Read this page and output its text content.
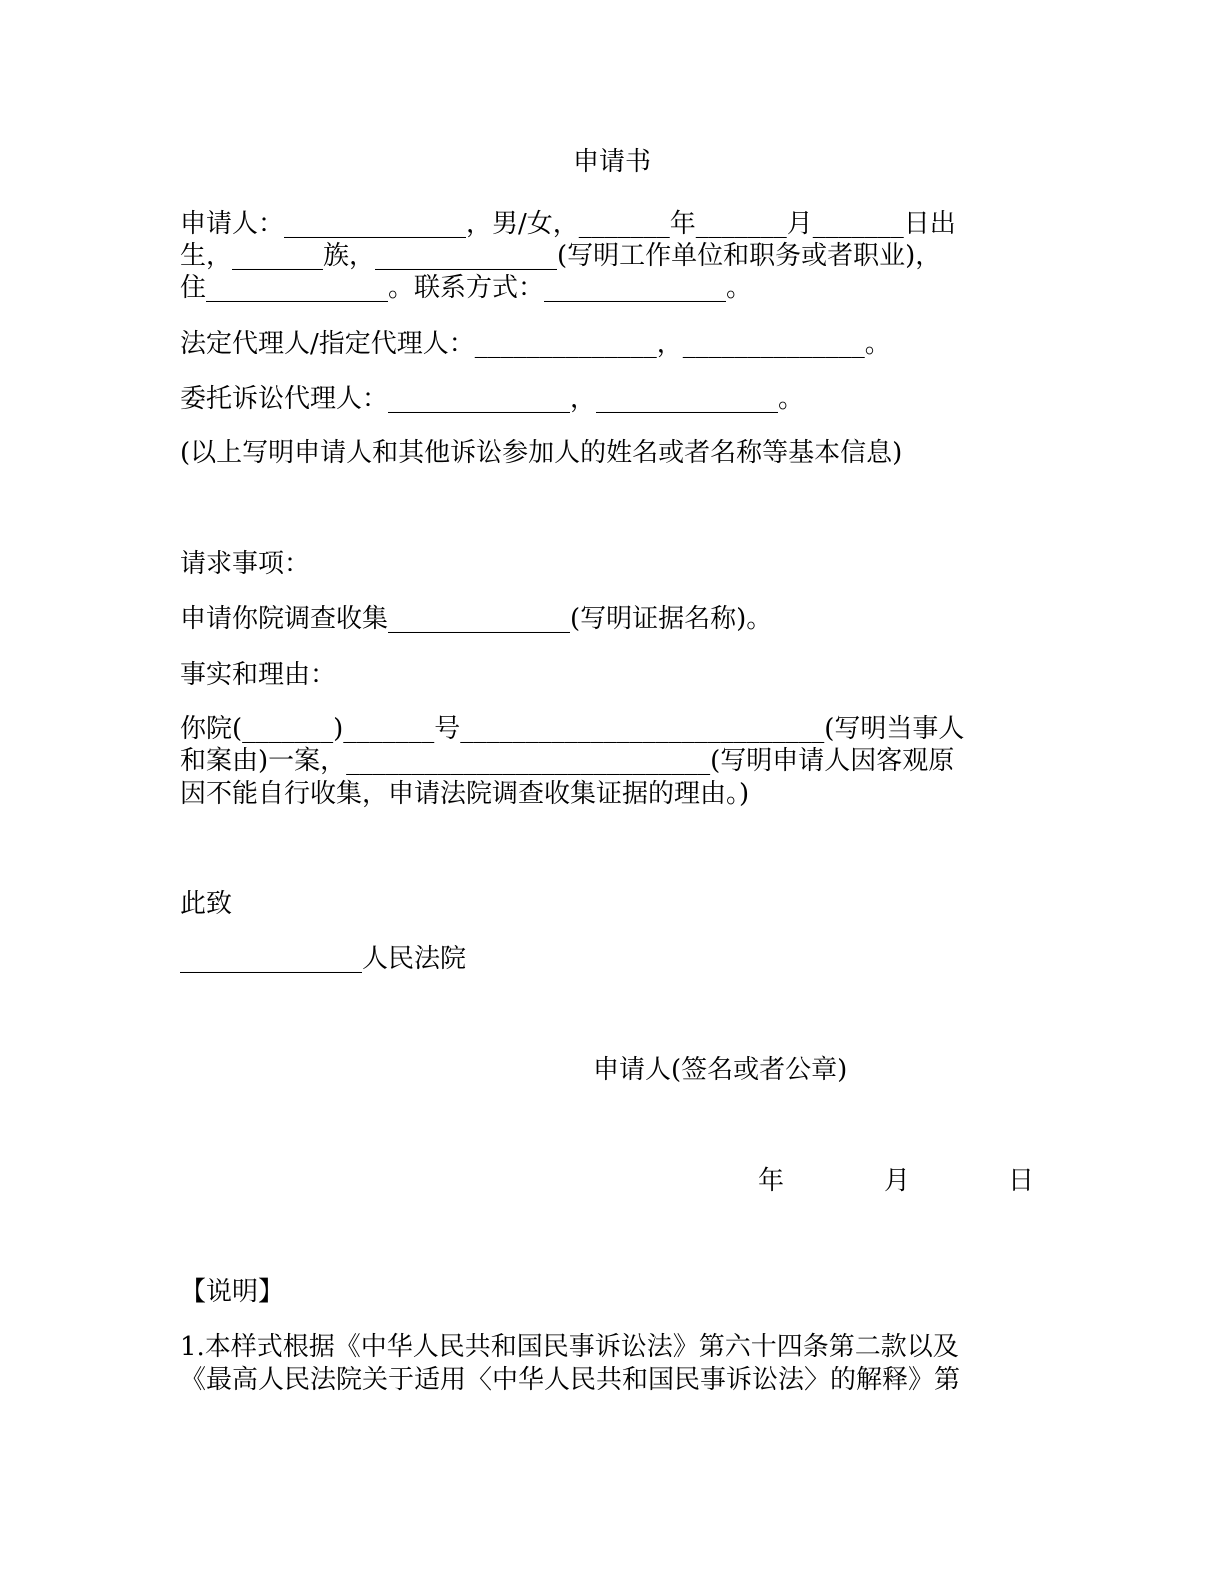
申请书

申请人：______________，男/女，_______年_______月_______日出

生，_______族，______________(写明工作单位和职务或者职业)，

住______________。联系方式：______________。

法定代理人/指定代理人：______________，______________。

委托诉讼代理人：______________，______________。

(以上写明申请人和其他诉讼参加人的姓名或者名称等基本信息)

请求事项：

申请你院调查收集______________(写明证据名称)。

事实和理由：

你院(_______)_______号____________________________(写明当事人

和案由)一案，____________________________(写明申请人因客观原

因不能自行收集，申请法院调查收集证据的理由。)

此致

______________人民法院

申请人(签名或者公章)

年	月	日

【说明】

1.本样式根据《中华人民共和国民事诉讼法》第六十四条第二款以及

《最高人民法院关于适用〈中华人民共和国民事诉讼法〉的解释》第
